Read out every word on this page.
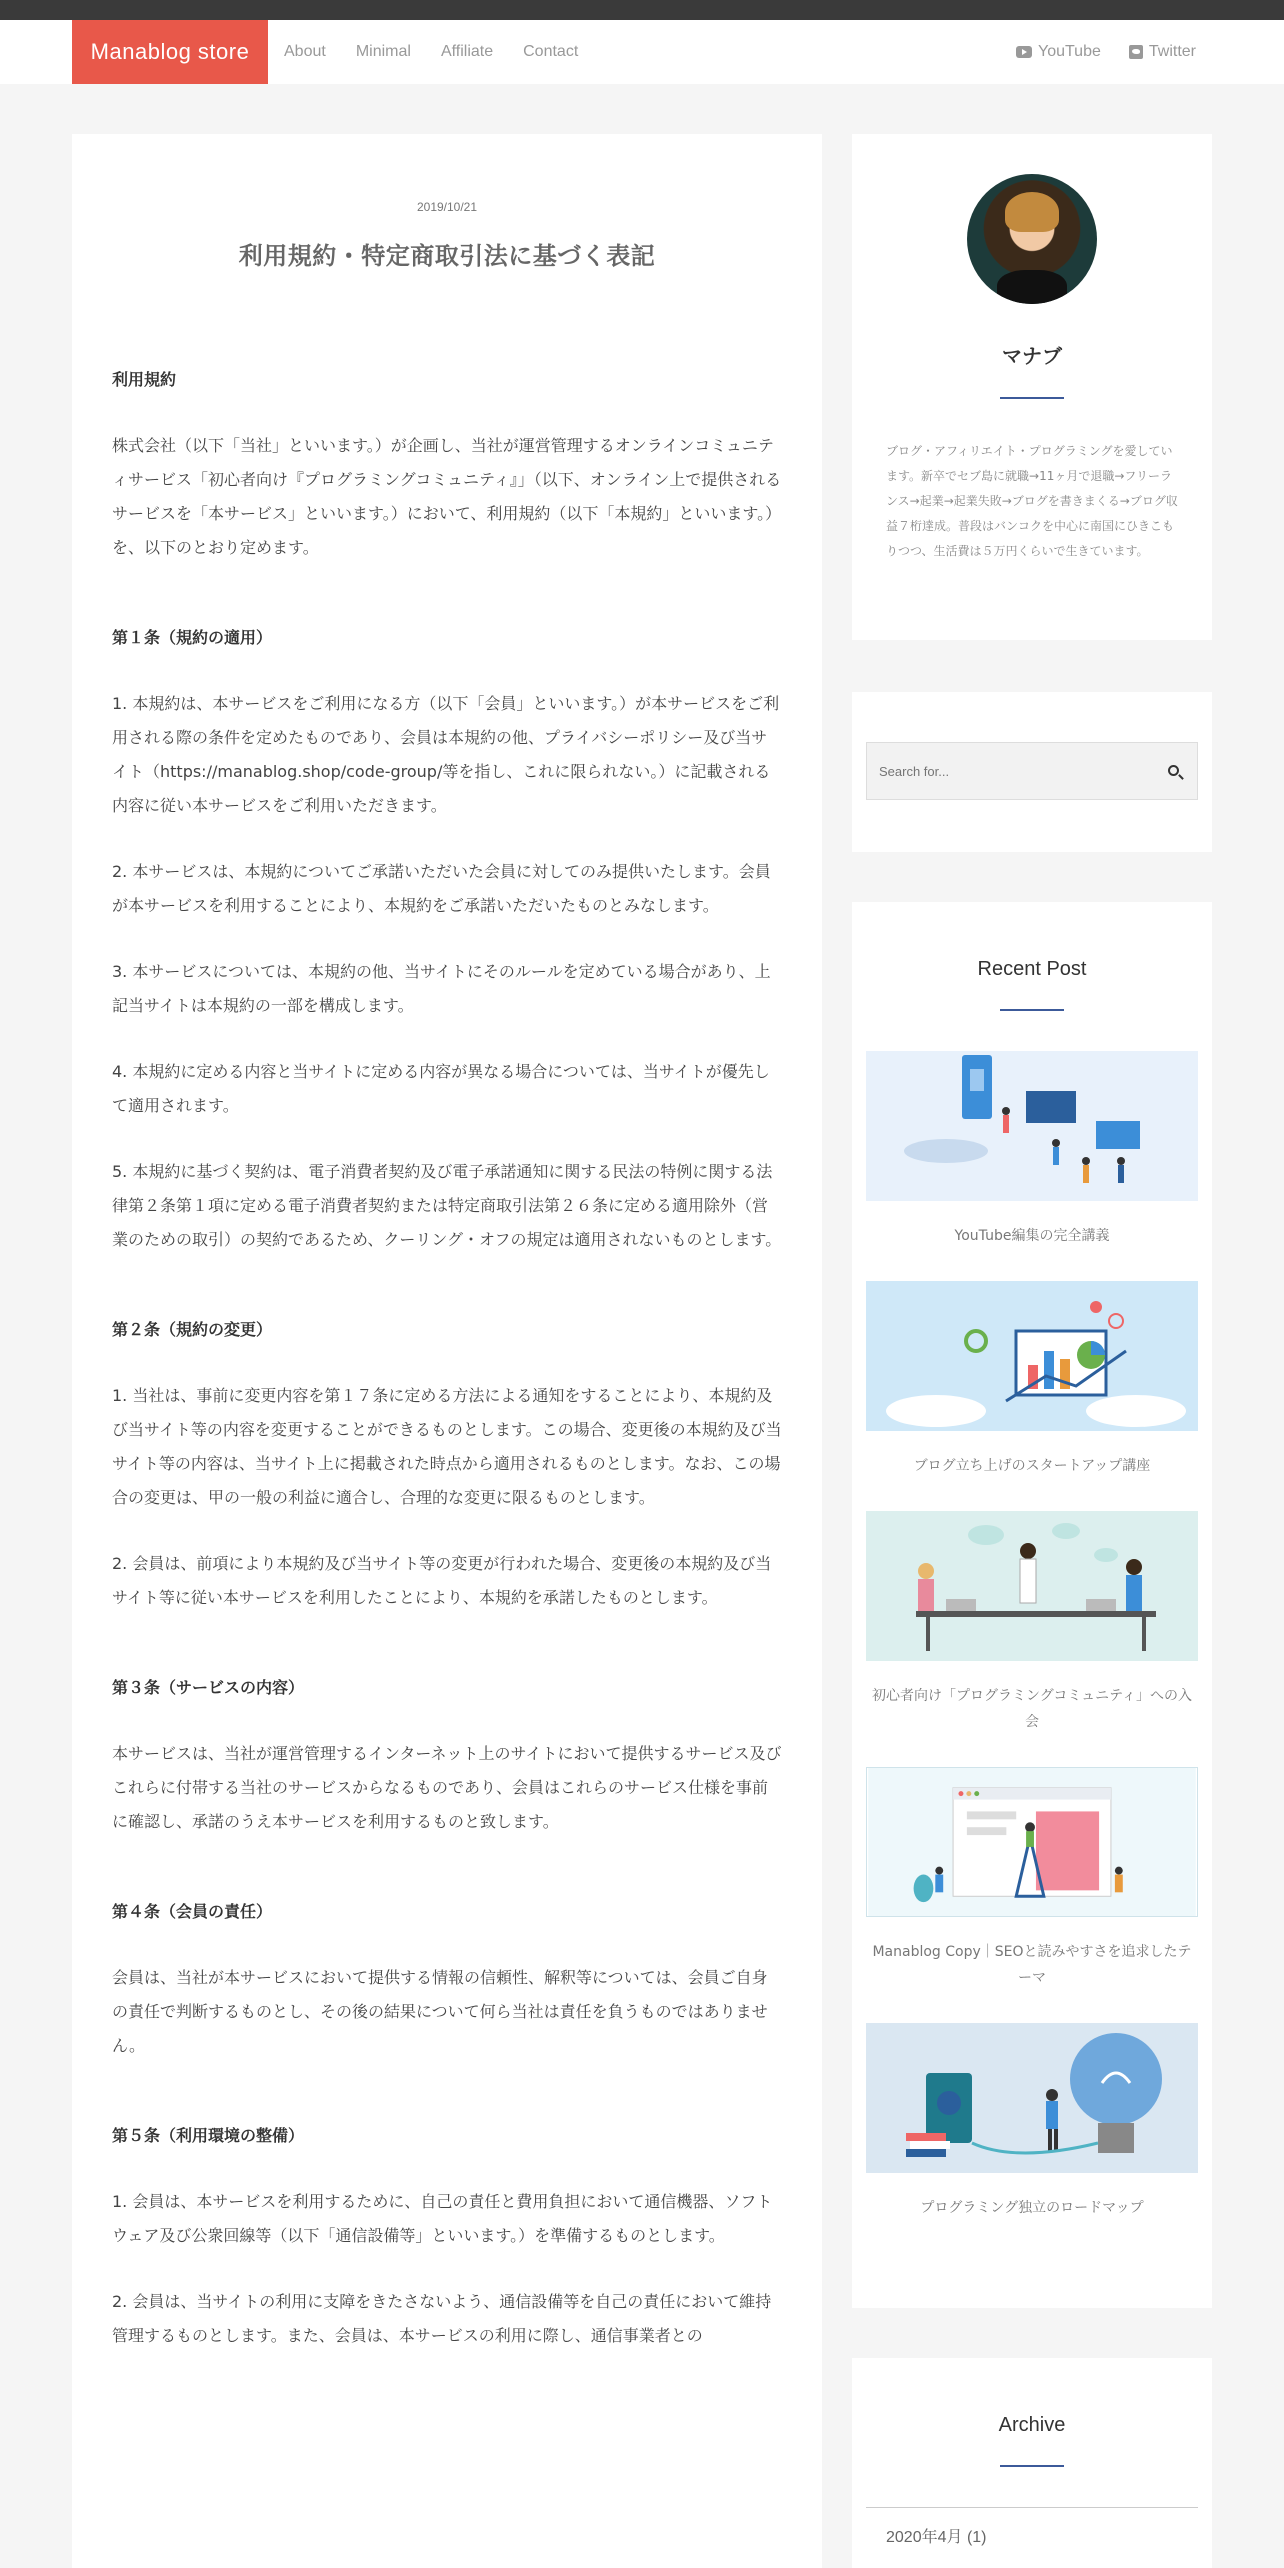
Manablog store	About Minimal Affiliate Contact	YouTube	Twitter
2019/10/21
利用規約・特定商取引法に基づく表記
利用規約

株式会社（以下「当社」といいます。）が企画し、当社が運営管理するオンラインコミュニティサービス「初心者向け『プログラミングコミュニティ』」（以下、オンライン上で提供されるサービスを「本サービス」といいます。）において、利用規約（以下「本規約」といいます。）を、以下のとおり定めます。

第１条（規約の適用）

1. 本規約は、本サービスをご利用になる方（以下「会員」といいます。）が本サービスをご利用される際の条件を定めたものであり、会員は本規約の他、プライバシーポリシー及び当サイト（https://manablog.shop/code-group/等を指し、これに限られない。）に記載される内容に従い本サービスをご利用いただきます。

2. 本サービスは、本規約についてご承諾いただいた会員に対してのみ提供いたします。会員が本サービスを利用することにより、本規約をご承諾いただいたものとみなします。

3. 本サービスについては、本規約の他、当サイトにそのルールを定めている場合があり、上記当サイトは本規約の一部を構成します。

4. 本規約に定める内容と当サイトに定める内容が異なる場合については、当サイトが優先して適用されます。

5. 本規約に基づく契約は、電子消費者契約及び電子承諾通知に関する民法の特例に関する法律第２条第１項に定める電子消費者契約または特定商取引法第２６条に定める適用除外（営業のための取引）の契約であるため、クーリング・オフの規定は適用されないものとします。

第２条（規約の変更）

1. 当社は、事前に変更内容を第１７条に定める方法による通知をすることにより、本規約及び当サイト等の内容を変更することができるものとします。この場合、変更後の本規約及び当サイト等の内容は、当サイト上に掲載された時点から適用されるものとします。なお、この場合の変更は、甲の一般の利益に適合し、合理的な変更に限るものとします。

2. 会員は、前項により本規約及び当サイト等の変更が行われた場合、変更後の本規約及び当サイト等に従い本サービスを利用したことにより、本規約を承諾したものとします。

第３条（サービスの内容）

本サービスは、当社が運営管理するインターネット上のサイトにおいて提供するサービス及びこれらに付帯する当社のサービスからなるものであり、会員はこれらのサービス仕様を事前に確認し、承諾のうえ本サービスを利用するものと致します。

第４条（会員の責任）

会員は、当社が本サービスにおいて提供する情報の信頼性、解釈等については、会員ご自身の責任で判断するものとし、その後の結果について何ら当社は責任を負うものではありません。

第５条（利用環境の整備）

1. 会員は、本サービスを利用するために、自己の責任と費用負担において通信機器、ソフトウェア及び公衆回線等（以下「通信設備等」といいます。）を準備するものとします。

2. 会員は、当サイトの利用に支障をきたさないよう、通信設備等を自己の責任において維持管理するものとします。また、会員は、本サービスの利用に際し、通信事業者との

マナブ
ブログ・アフィリエイト・プログラミングを愛しています。新卒でセブ島に就職→11ヶ月で退職→フリーランス→起業→起業失敗→ブログを書きまくる→ブログ収益７桁達成。普段はバンコクを中心に南国にひきこもりつつ、生活費は５万円くらいで生きています。
Search for...
Recent Post
YouTube編集の完全講義
ブログ立ち上げのスタートアップ講座
初心者向け「プログラミングコミュニティ」への入会
Manablog Copy｜SEOと読みやすさを追求したテーマ
プログラミング独立のロードマップ
Archive
2020年4月 (1)
